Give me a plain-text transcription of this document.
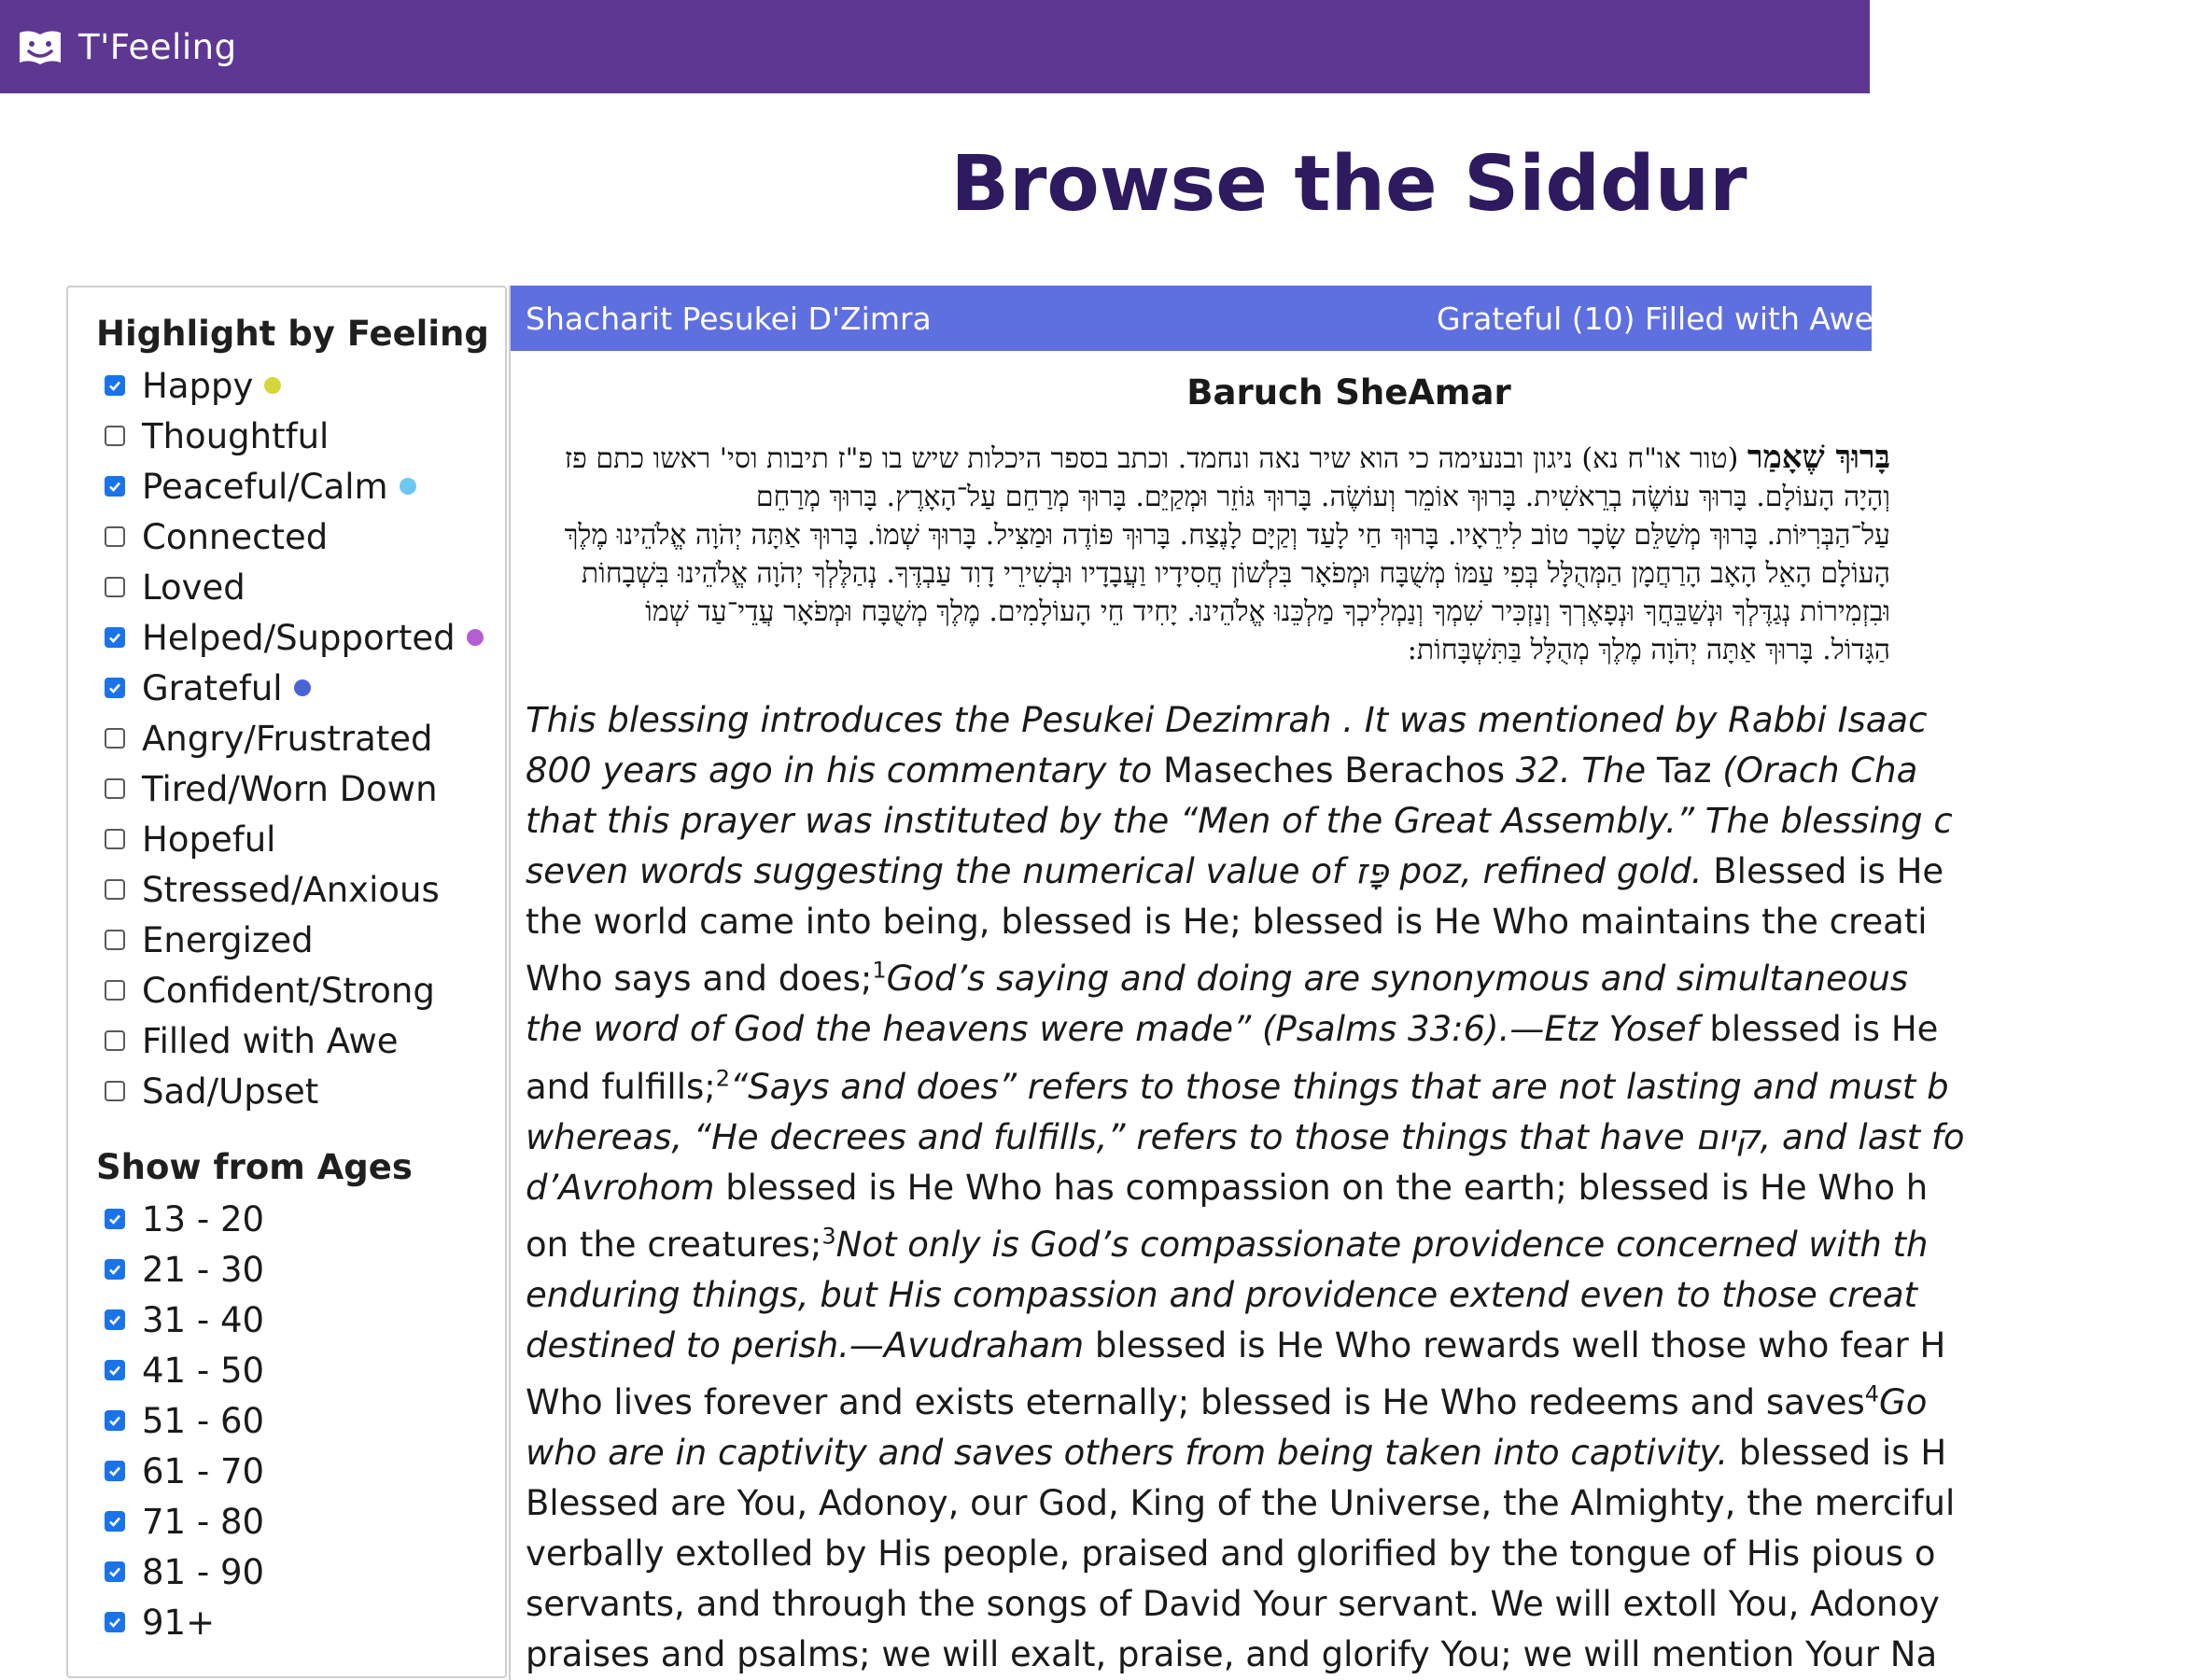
T'Feeling
Browse the Siddur
Highlight by Feeling
Happy
Thoughtful
Peaceful/Calm
Connected
Loved
Helped/Supported
Grateful
Angry/Frustrated
Tired/Worn Down
Hopeful
Stressed/Anxious
Energized
Confident/Strong
Filled with Awe
Sad/Upset
Show from Ages
13 - 20
21 - 30
31 - 40
41 - 50
51 - 60
61 - 70
71 - 80
81 - 90
91+
Shacharit Pesukei D'Zimra	Grateful (10) Filled with Awe (8
Baruch SheAmar
בָּרוּךְ שֶׁאָמַר (טור או"ח נא) ניגון ובנעימה כי הוא שיר נאה ונחמד. וכתב בספר היכלות שיש בו פ"ז תיבות וסי' ראשו כתם פז
וְהָיָה הָעוֹלָם. בָּרוּךְ עוֹשֶׂה בְרֵאשִׁית. בָּרוּךְ אוֹמֵר וְעוֹשֶׂה. בָּרוּךְ גּוֹזֵר וּמְקַיֵּם. בָּרוּךְ מְרַחֵם עַל־הָאָרֶץ. בָּרוּךְ מְרַחֵם
עַל־הַבְּרִיּוֹת. בָּרוּךְ מְשַׁלֵּם שָׂכָר טוֹב לִירֵאָיו. בָּרוּךְ חַי לָעַד וְקַיָּם לָנֶצַח. בָּרוּךְ פּוֹדֶה וּמַצִּיל. בָּרוּךְ שְׁמוֹ. בָּרוּךְ אַתָּה יְהֹוָה אֱלֹהֵינוּ מֶלֶךְ
הָעוֹלָם הָאֵל הָאָב הָרַחֲמָן הַמְּהֻלָּל בְּפִי עַמּוֹ מְשֻׁבָּח וּמְפֹאָר בִּלְשׁוֹן חֲסִידָיו וַעֲבָדָיו וּבְשִׁירֵי דָוִד עַבְדֶּךָ. נְהַלֶּלְךָ יְהֹוָה אֱלֹהֵינוּ בִּשְׁבָחוֹת
וּבִזְמִירוֹת נְגַדֶּלְךָ וּנְשַׁבֵּחֲךָ וּנְפָאֶרְךָ וְנַזְכִּיר שִׁמְךָ וְנַמְלִיכְךָ מַלְכֵּנוּ אֱלֹהֵינוּ. יָחִיד חֵי הָעוֹלָמִים. מֶלֶךְ מְשֻׁבָּח וּמְפֹאָר עֲדֵי־עַד שְׁמוֹ
הַגָּדוֹל. בָּרוּךְ אַתָּה יְהֹוָה מֶלֶךְ מְהֻלָּל בַּתִּשְׁבָּחוֹת:
This blessing introduces the Pesukei Dezimrah . It was mentioned by Rabbi Isaac
800 years ago in his commentary to Maseches Berachos 32. The Taz (Orach Cha
that this prayer was instituted by the “Men of the Great Assembly.” The blessing c
seven words suggesting the numerical value of פָּז poz, refined gold. Blessed is He
the world came into being, blessed is He; blessed is He Who maintains the creati
Who says and does;$^1$God’s saying and doing are synonymous and simultaneous
the word of God the heavens were made” (Psalms 33:6).—Etz Yosef blessed is He
and fulfills;$^2$“Says and does” refers to those things that are not lasting and must b
whereas, “He decrees and fulfills,” refers to those things that have קיום, and last fo
d’Avrohom blessed is He Who has compassion on the earth; blessed is He Who h
on the creatures;$^3$Not only is God’s compassionate providence concerned with th
enduring things, but His compassion and providence extend even to those creat
destined to perish.—Avudraham blessed is He Who rewards well those who fear H
Who lives forever and exists eternally; blessed is He Who redeems and saves$^4$Go
who are in captivity and saves others from being taken into captivity. blessed is H
Blessed are You, Adonoy, our God, King of the Universe, the Almighty, the merciful
verbally extolled by His people, praised and glorified by the tongue of His pious o
servants, and through the songs of David Your servant. We will extoll You, Adonoy
praises and psalms; we will exalt, praise, and glorify You; we will mention Your Na
